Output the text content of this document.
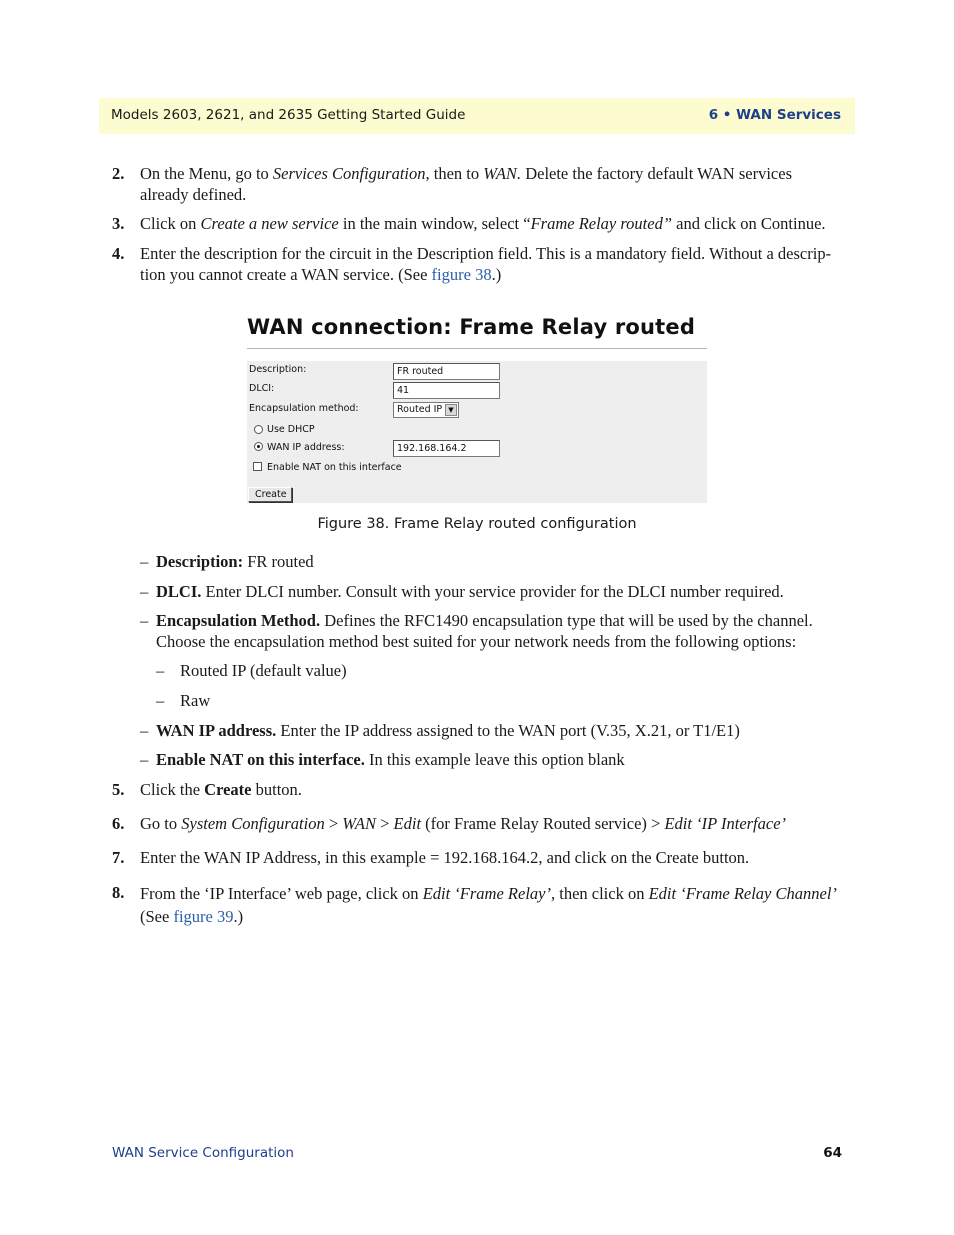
Models 2603, 2621, and 2635 Getting Started Guide	6 • WAN Services
2. On the Menu, go to Services Configuration, then to WAN. Delete the factory default WAN services already defined.
3. Click on Create a new service in the main window, select “Frame Relay routed” and click on Continue.
4. Enter the description for the circuit in the Description field. This is a mandatory field. Without a descrip-tion you cannot create a WAN service. (See figure 38.)
WAN connection: Frame Relay routed
Description:	FR routed
DLCI:	41
Encapsulation method:	Routed IP ▼
Use DHCP
WAN IP address:	192.168.164.2
Enable NAT on this interface
Create
Figure 38. Frame Relay routed configuration
– Description: FR routed
– DLCI. Enter DLCI number. Consult with your service provider for the DLCI number required.
– Encapsulation Method. Defines the RFC1490 encapsulation type that will be used by the channel. Choose the encapsulation method best suited for your network needs from the following options:
– Routed IP (default value)
– Raw
– WAN IP address. Enter the IP address assigned to the WAN port (V.35, X.21, or T1/E1)
– Enable NAT on this interface. In this example leave this option blank
5. Click the Create button.
6. Go to System Configuration > WAN > Edit (for Frame Relay Routed service) > Edit ‘IP Interface’
7. Enter the WAN IP Address, in this example = 192.168.164.2, and click on the Create button.
8. From the ‘IP Interface’ web page, click on Edit ‘Frame Relay’, then click on Edit ‘Frame Relay Channel’ (See figure 39.)
WAN Service Configuration	64
